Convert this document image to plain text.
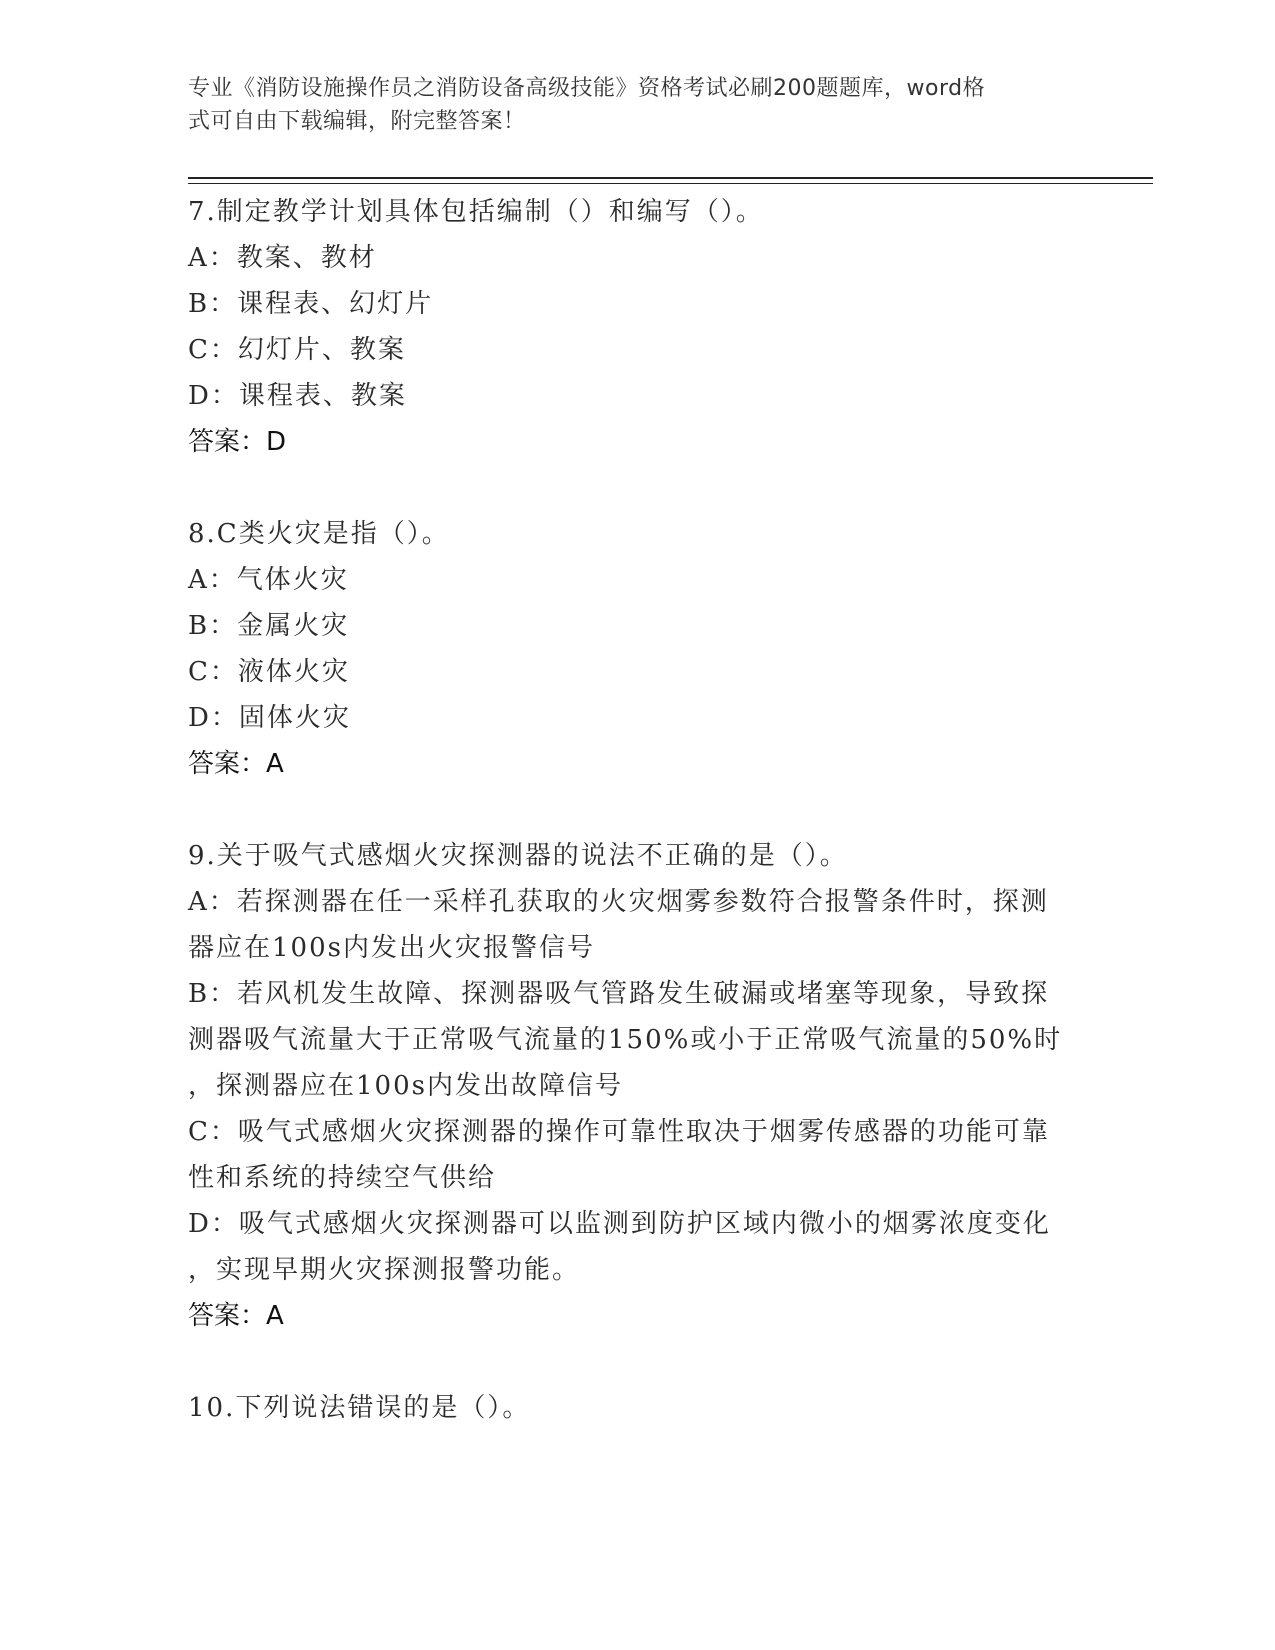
专业《消防设施操作员之消防设备高级技能》资格考试必刷200题题库，word格
式可自由下载编辑，附完整答案！
7.制定教学计划具体包括编制（）和编写（）。
A：教案、教材
B：课程表、幻灯片
C：幻灯片、教案
D：课程表、教案
答案：D
8.C类火灾是指（）。
A：气体火灾
B：金属火灾
C：液体火灾
D：固体火灾
答案：A
9.关于吸气式感烟火灾探测器的说法不正确的是（）。
A：若探测器在任一采样孔获取的火灾烟雾参数符合报警条件时，探测
器应在100s内发出火灾报警信号
B：若风机发生故障、探测器吸气管路发生破漏或堵塞等现象，导致探
测器吸气流量大于正常吸气流量的150%或小于正常吸气流量的50%时
，探测器应在100s内发出故障信号
C：吸气式感烟火灾探测器的操作可靠性取决于烟雾传感器的功能可靠
性和系统的持续空气供给
D：吸气式感烟火灾探测器可以监测到防护区域内微小的烟雾浓度变化
，实现早期火灾探测报警功能。
答案：A
10.下列说法错误的是（）。
